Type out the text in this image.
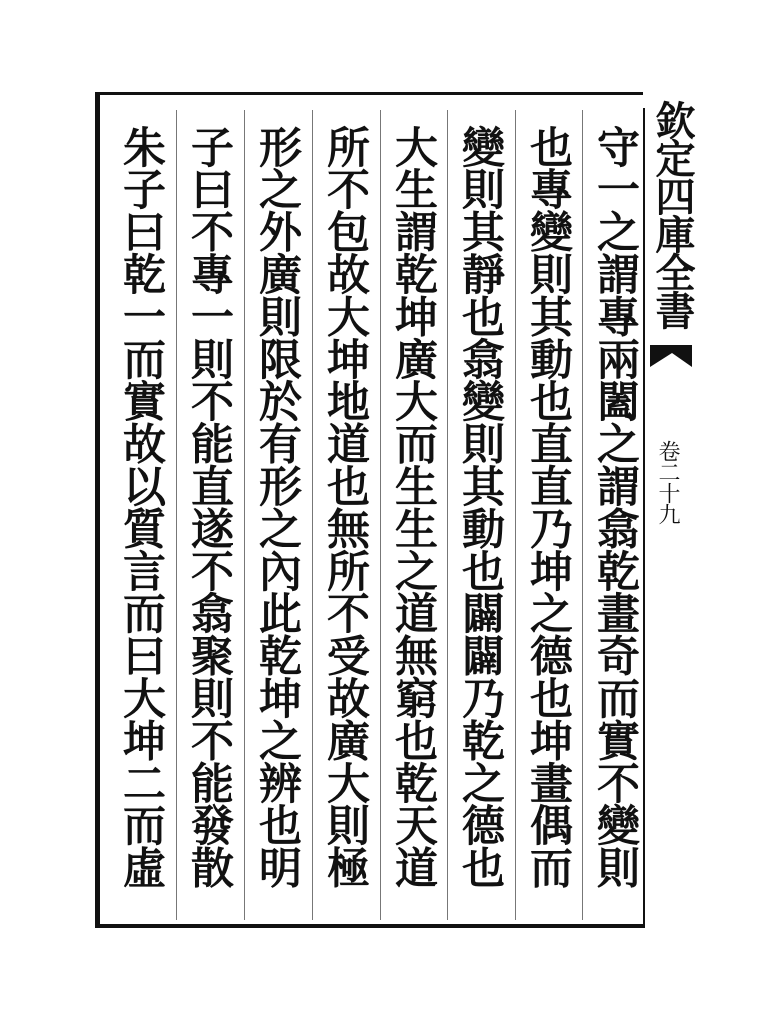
守一之謂專兩闔之謂翕乾畫奇而實不變則
也專變則其動也直直乃坤之德也坤畫偶而
變則其靜也翕變則其動也闢闢乃乾之德也
大生謂乾坤廣大而生生之道無窮也乾天道
所不包故大坤地道也無所不受故廣大則極
形之外廣則限於有形之內此乾坤之辨也明
子曰不專一則不能直遂不翕聚則不能發散
朱子曰乾一而實故以質言而曰大坤二而虛
欽定四庫全書
卷二十九
